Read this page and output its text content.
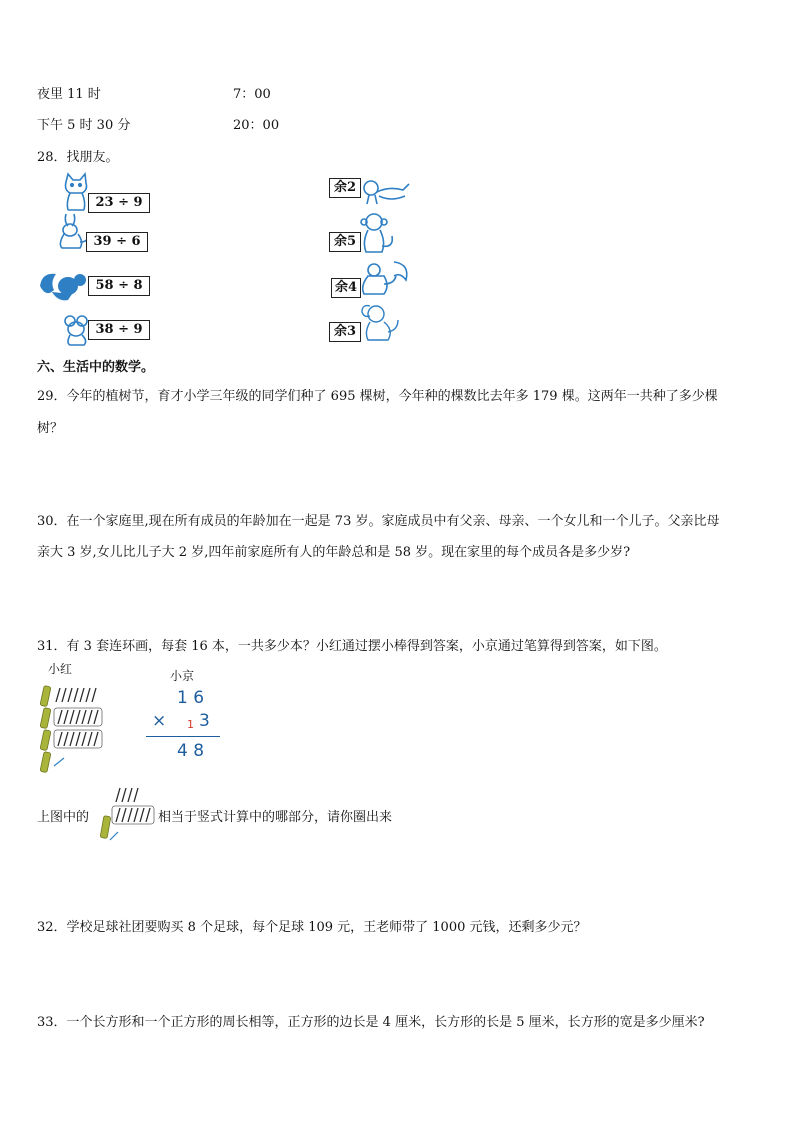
夜里 11 时	7：00
下午 5 时 30 分	20：00
28．找朋友。
23 ÷ 9
39 ÷ 6
58 ÷ 8
38 ÷ 9
余2
余5
余4
余3
六、生活中的数学。
29．今年的植树节，育才小学三年级的同学们种了 695 棵树，今年种的棵数比去年多 179 棵。这两年一共种了多少棵
树？
30．在一个家庭里,现在所有成员的年龄加在一起是 73 岁。家庭成员中有父亲、母亲、一个女儿和一个儿子。父亲比母
亲大 3 岁,女儿比儿子大 2 岁,四年前家庭所有人的年龄总和是 58 岁。现在家里的每个成员各是多少岁?
31．有 3 套连环画，每套 16 本，一共多少本？小红通过摆小棒得到答案，小京通过笔算得到答案，如下图。
小红	小京
1 6
× 1 3
4 8
上图中的	相当于竖式计算中的哪部分，请你圈出来
32．学校足球社团要购买 8 个足球，每个足球 109 元，王老师带了 1000 元钱，还剩多少元？
33．一个长方形和一个正方形的周长相等，正方形的边长是 4 厘米，长方形的长是 5 厘米，长方形的宽是多少厘米?
